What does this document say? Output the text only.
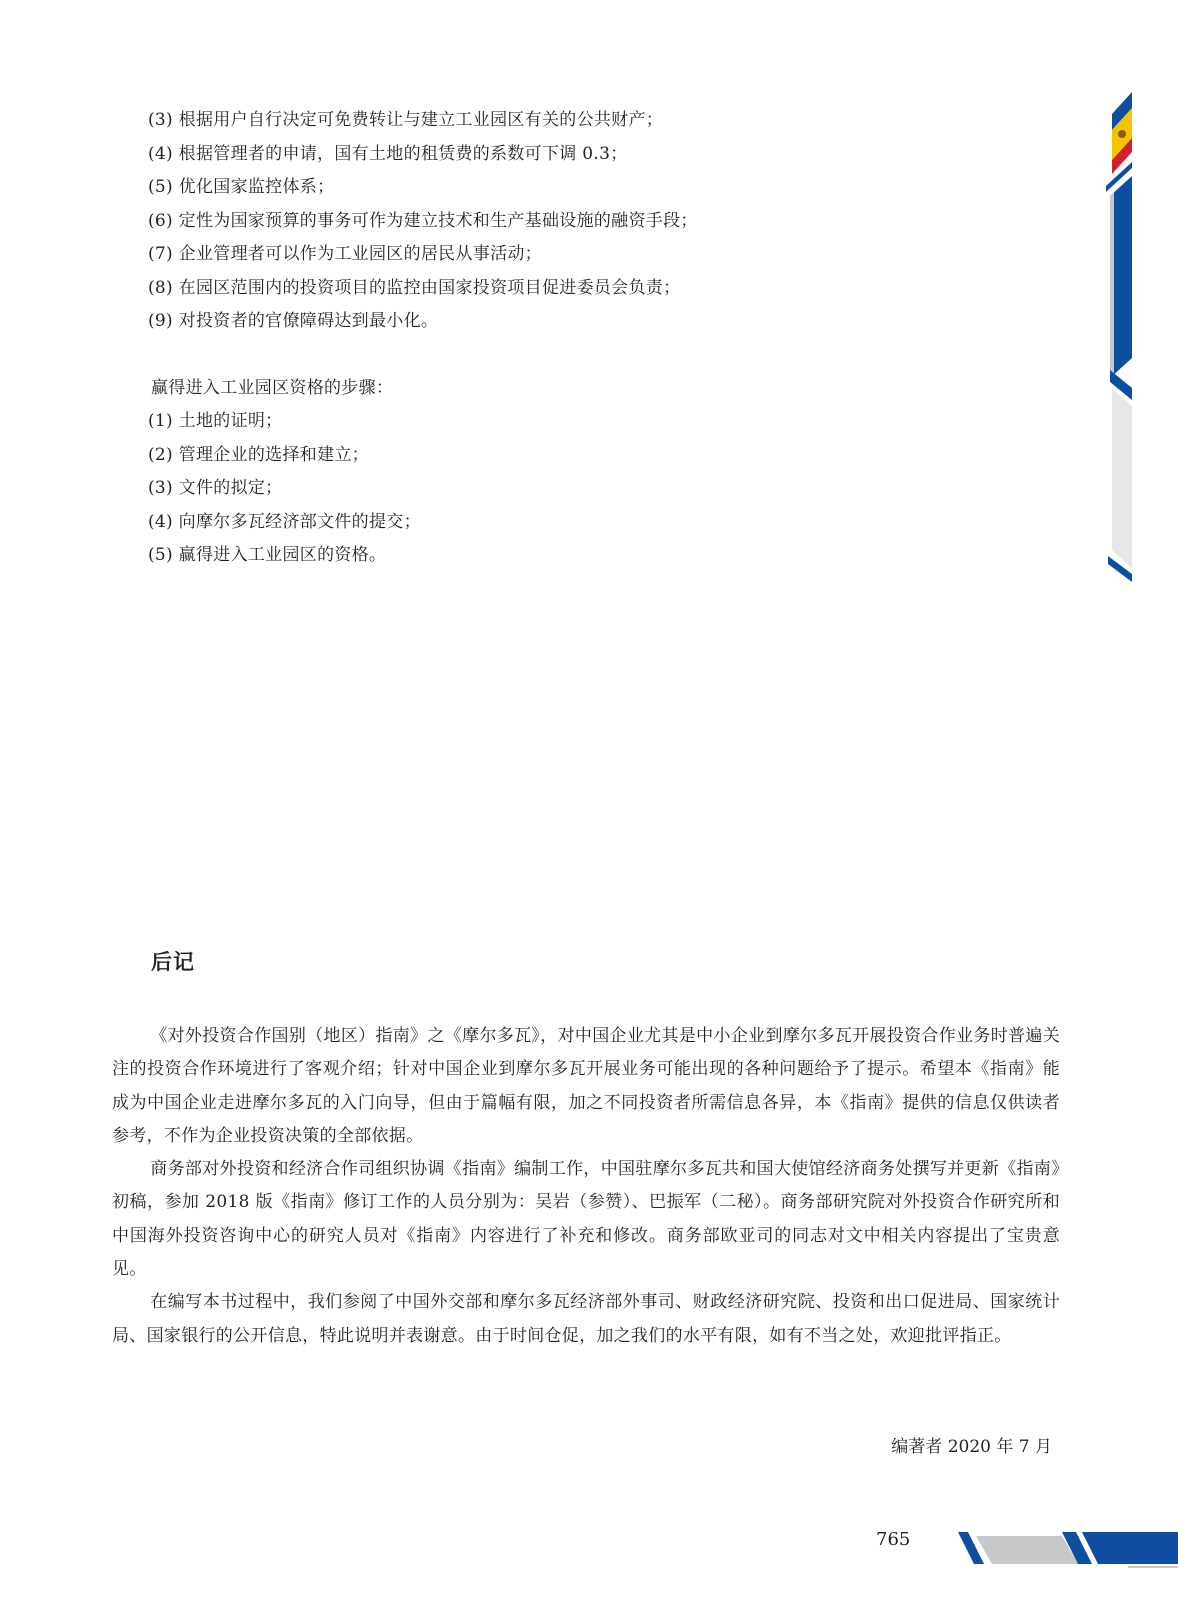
(3) 根据用户自行决定可免费转让与建立工业园区有关的公共财产；
(4) 根据管理者的申请，国有土地的租赁费的系数可下调 0.3；
(5) 优化国家监控体系；
(6) 定性为国家预算的事务可作为建立技术和生产基础设施的融资手段；
(7) 企业管理者可以作为工业园区的居民从事活动；
(8) 在园区范围内的投资项目的监控由国家投资项目促进委员会负责；
(9) 对投资者的官僚障碍达到最小化。
赢得进入工业园区资格的步骤：
(1) 土地的证明；
(2) 管理企业的选择和建立；
(3) 文件的拟定；
(4) 向摩尔多瓦经济部文件的提交；
(5) 赢得进入工业园区的资格。
后记

《对外投资合作国别（地区）指南》之《摩尔多瓦》，对中国企业尤其是中小企业到摩尔多瓦开展投资合作业务时普遍关注的投资合作环境进行了客观介绍；针对中国企业到摩尔多瓦开展业务可能出现的各种问题给予了提示。希望本《指南》能成为中国企业走进摩尔多瓦的入门向导，但由于篇幅有限，加之不同投资者所需信息各异，本《指南》提供的信息仅供读者参考，不作为企业投资决策的全部依据。

商务部对外投资和经济合作司组织协调《指南》编制工作，中国驻摩尔多瓦共和国大使馆经济商务处撰写并更新《指南》初稿，参加 2018 版《指南》修订工作的人员分别为：吴岩（参赞）、巴振军（二秘）。商务部研究院对外投资合作研究所和中国海外投资咨询中心的研究人员对《指南》内容进行了补充和修改。商务部欧亚司的同志对文中相关内容提出了宝贵意见。

在编写本书过程中，我们参阅了中国外交部和摩尔多瓦经济部外事司、财政经济研究院、投资和出口促进局、国家统计局、国家银行的公开信息，特此说明并表谢意。由于时间仓促，加之我们的水平有限，如有不当之处，欢迎批评指正。

编著者 2020 年 7 月
765
